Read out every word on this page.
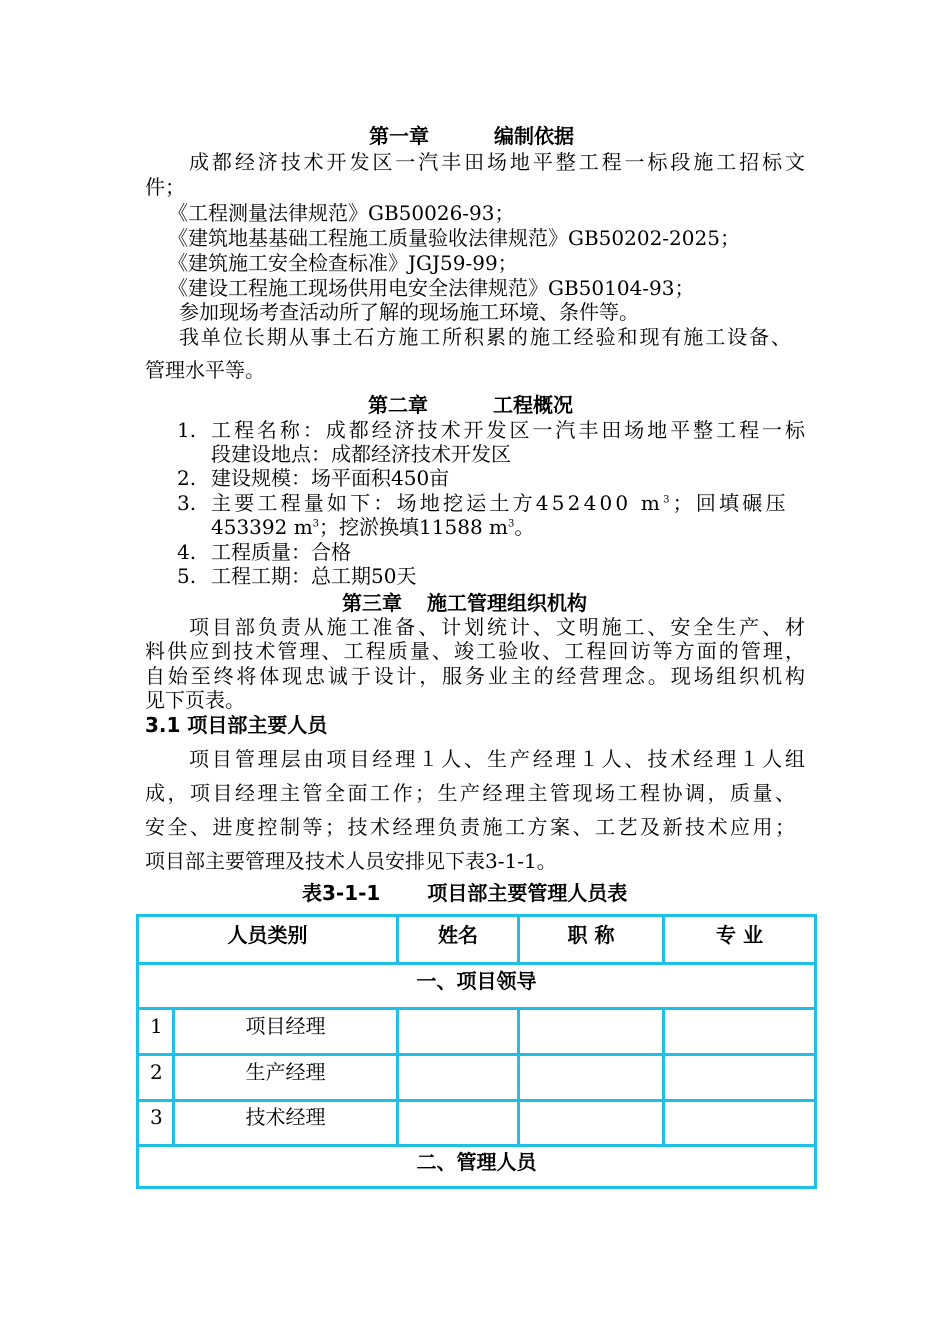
第一章	编制依据
成都经济技术开发区一汽丰田场地平整工程一标段施工招标文
件；
《工程测量法律规范》GB50026-93；
《建筑地基基础工程施工质量验收法律规范》GB50202-2025；
《建筑施工安全检查标准》JGJ59-99；
《建设工程施工现场供用电安全法律规范》GB50104-93；
参加现场考查活动所了解的现场施工环境、条件等。
我单位长期从事土石方施工所积累的施工经验和现有施工设备、
管理水平等。
第二章	工程概况
1. 工程名称：成都经济技术开发区一汽丰田场地平整工程一标
段建设地点：成都经济技术开发区
2. 建设规模：场平面积450亩
3. 主要工程量如下：场地挖运土方452400 $m^3$；回填碾压
453392 $m^3$；挖淤换填11588 $m^3$。
4. 工程质量：合格
5. 工程工期：总工期50天
第三章 施工管理组织机构
项目部负责从施工准备、计划统计、文明施工、安全生产、材
料供应到技术管理、工程质量、竣工验收、工程回访等方面的管理，
自始至终将体现忠诚于设计，服务业主的经营理念。现场组织机构
见下页表。
3.1 项目部主要人员
项目管理层由项目经理１人、生产经理１人、技术经理１人组
成，项目经理主管全面工作；生产经理主管现场工程协调，质量、
安全、进度控制等；技术经理负责施工方案、工艺及新技术应用；
项目部主要管理及技术人员安排见下表3-1-1。
表3-1-1 项目部主要管理人员表
人员类别	姓名	职 称	专 业
一、项目领导
1	项目经理
2	生产经理
3	技术经理
二、管理人员
